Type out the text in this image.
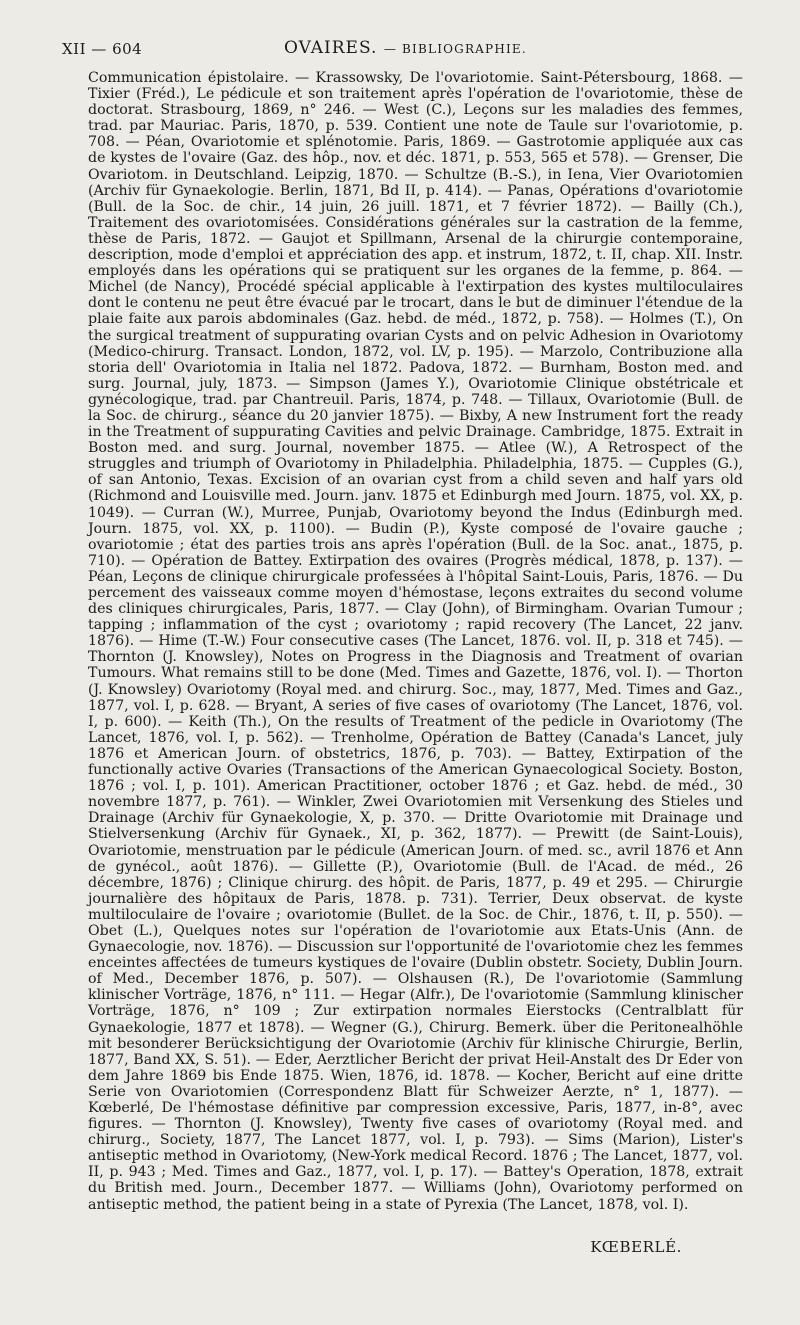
XII — 604	OVAIRES. — BIBLIOGRAPHIE.

Communication épistolaire. — Krassowsky, De l'ovariotomie. Saint-Pétersbourg, 1868. — Tixier (Fréd.), Le pédicule et son traitement après l'opération de l'ovariotomie, thèse de doctorat. Strasbourg, 1869, n° 246. — West (C.), Leçons sur les maladies des femmes, trad. par Mauriac. Paris, 1870, p. 539. Contient une note de Taule sur l'ovariotomie, p. 708. — Péan, Ovariotomie et splénotomie. Paris, 1869. — Gastrotomie appliquée aux cas de kystes de l'ovaire (Gaz. des hôp., nov. et déc. 1871, p. 553, 565 et 578). — Grenser, Die Ovariotom. in Deutschland. Leipzig, 1870. — Schultze (B.-S.), in Iena, Vier Ovariotomien (Archiv für Gynaekologie. Berlin, 1871, Bd II, p. 414). — Panas, Opérations d'ovariotomie (Bull. de la Soc. de chir., 14 juin, 26 juill. 1871, et 7 février 1872). — Bailly (Ch.), Traitement des ovariotomisées. Considérations générales sur la castration de la femme, thèse de Paris, 1872. — Gaujot et Spillmann, Arsenal de la chirurgie contemporaine, description, mode d'emploi et appréciation des app. et instrum, 1872, t. II, chap. XII. Instr. employés dans les opérations qui se pratiquent sur les organes de la femme, p. 864. — Michel (de Nancy), Procédé spécial applicable à l'extirpation des kystes multiloculaires dont le contenu ne peut être évacué par le trocart, dans le but de diminuer l'étendue de la plaie faite aux parois abdominales (Gaz. hebd. de méd., 1872, p. 758). — Holmes (T.), On the surgical treatment of suppurating ovarian Cysts and on pelvic Adhesion in Ovariotomy (Medico-chirurg. Transact. London, 1872, vol. LV, p. 195). — Marzolo, Contribuzione alla storia dell' Ovariotomia in Italia nel 1872. Padova, 1872. — Burnham, Boston med. and surg. Journal, july, 1873. — Simpson (James Y.), Ovariotomie Clinique obstétricale et gynécologique, trad. par Chantreuil. Paris, 1874, p. 748. — Tillaux, Ovariotomie (Bull. de la Soc. de chirurg., séance du 20 janvier 1875). — Bixby, A new Instrument fort the ready in the Treatment of suppurating Cavities and pelvic Drainage. Cambridge, 1875. Extrait in Boston med. and surg. Journal, november 1875. — Atlee (W.), A Retrospect of the struggles and triumph of Ovariotomy in Philadelphia. Philadelphia, 1875. — Cupples (G.), of san Antonio, Texas. Excision of an ovarian cyst from a child seven and half yars old (Richmond and Louisville med. Journ. janv. 1875 et Edinburgh med Journ. 1875, vol. XX, p. 1049). — Curran (W.), Murree, Punjab, Ovariotomy beyond the Indus (Edinburgh med. Journ. 1875, vol. XX, p. 1100). — Budin (P.), Kyste composé de l'ovaire gauche ; ovariotomie ; état des parties trois ans après l'opération (Bull. de la Soc. anat., 1875, p. 710). — Opération de Battey. Extirpation des ovaires (Progrès médical, 1878, p. 137). — Péan, Leçons de clinique chirurgicale professées à l'hôpital Saint-Louis, Paris, 1876. — Du percement des vaisseaux comme moyen d'hémostase, leçons extraites du second volume des cliniques chirurgicales, Paris, 1877. — Clay (John), of Birmingham. Ovarian Tumour ; tapping ; inflammation of the cyst ; ovariotomy ; rapid recovery (The Lancet, 22 janv. 1876). — Hime (T.-W.) Four consecutive cases (The Lancet, 1876. vol. II, p. 318 et 745). — Thornton (J. Knowsley), Notes on Progress in the Diagnosis and Treatment of ovarian Tumours. What remains still to be done (Med. Times and Gazette, 1876, vol. I). — Thorton (J. Knowsley) Ovariotomy (Royal med. and chirurg. Soc., may, 1877, Med. Times and Gaz., 1877, vol. I, p. 628. — Bryant, A series of five cases of ovariotomy (The Lancet, 1876, vol. I, p. 600). — Keith (Th.), On the results of Treatment of the pedicle in Ovariotomy (The Lancet, 1876, vol. I, p. 562). — Trenholme, Opération de Battey (Canada's Lancet, july 1876 et American Journ. of obstetrics, 1876, p. 703). — Battey, Extirpation of the functionally active Ovaries (Transactions of the American Gynaecological Society. Boston, 1876 ; vol. I, p. 101). American Practitioner, october 1876 ; et Gaz. hebd. de méd., 30 novembre 1877, p. 761). — Winkler, Zwei Ovariotomien mit Versenkung des Stieles und Drainage (Archiv für Gynaekologie, X, p. 370. — Dritte Ovariotomie mit Drainage und Stielversenkung (Archiv für Gynaek., XI, p. 362, 1877). — Prewitt (de Saint-Louis), Ovariotomie, menstruation par le pédicule (American Journ. of med. sc., avril 1876 et Ann de gynécol., août 1876). — Gillette (P.), Ovariotomie (Bull. de l'Acad. de méd., 26 décembre, 1876) ; Clinique chirurg. des hôpit. de Paris, 1877, p. 49 et 295. — Chirurgie journalière des hôpitaux de Paris, 1878. p. 731). Terrier, Deux observat. de kyste multiloculaire de l'ovaire ; ovariotomie (Bullet. de la Soc. de Chir., 1876, t. II, p. 550). — Obet (L.), Quelques notes sur l'opération de l'ovariotomie aux Etats-Unis (Ann. de Gynaecologie, nov. 1876). — Discussion sur l'opportunité de l'ovariotomie chez les femmes enceintes affectées de tumeurs kystiques de l'ovaire (Dublin obstetr. Society, Dublin Journ. of Med., December 1876, p. 507). — Olshausen (R.), De l'ovariotomie (Sammlung klinischer Vorträge, 1876, n° 111. — Hegar (Alfr.), De l'ovariotomie (Sammlung klinischer Vorträge, 1876, n° 109 ; Zur extirpation normales Eierstocks (Centralblatt für Gynaekologie, 1877 et 1878). — Wegner (G.), Chirurg. Bemerk. über die Peritonealhöhle mit besonderer Berücksichtigung der Ovariotomie (Archiv für klinische Chirurgie, Berlin, 1877, Band XX, S. 51). — Eder, Aerztlicher Bericht der privat Heil-Anstalt des Dr Eder von dem Jahre 1869 bis Ende 1875. Wien, 1876, id. 1878. — Kocher, Bericht auf eine dritte Serie von Ovariotomien (Correspondenz Blatt für Schweizer Aerzte, n° 1, 1877). — Kœberlé, De l'hémostase définitive par compression excessive, Paris, 1877, in-8°, avec figures. — Thornton (J. Knowsley), Twenty five cases of ovariotomy (Royal med. and chirurg., Society, 1877, The Lancet 1877, vol. I, p. 793). — Sims (Marion), Lister's antiseptic method in Ovariotomy, (New-York medical Record. 1876 ; The Lancet, 1877, vol. II, p. 943 ; Med. Times and Gaz., 1877, vol. I, p. 17). — Battey's Operation, 1878, extrait du British med. Journ., December 1877. — Williams (John), Ovariotomy performed on antiseptic method, the patient being in a state of Pyrexia (The Lancet, 1878, vol. I).

KŒBERLÉ.
